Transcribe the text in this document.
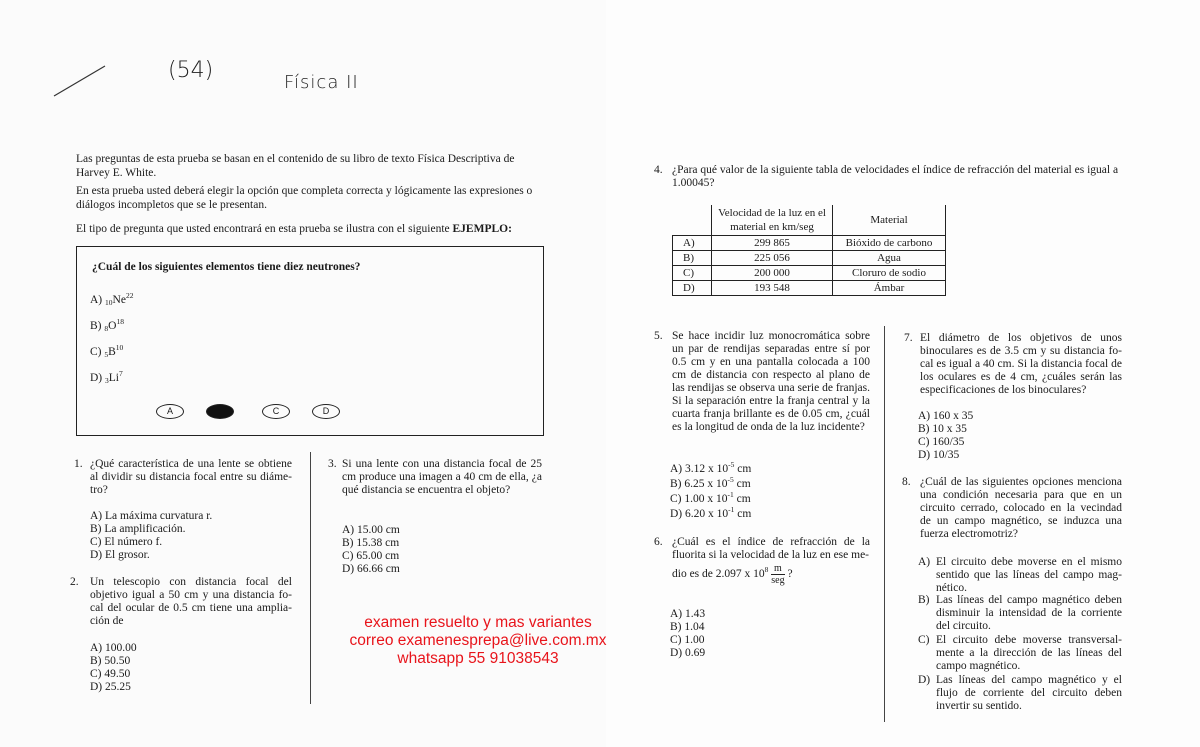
(54)	Física II

Las preguntas de esta prueba se basan en el contenido de su libro de texto Física Descriptiva de Harvey E. White.

En esta prueba usted deberá elegir la opción que completa correcta y lógicamente las expresiones o diálogos incompletos que se le presentan.

El tipo de pregunta que usted encontrará en esta prueba se ilustra con el siguiente EJEMPLO:

¿Cuál de los siguientes elementos tiene diez neutrones?
A) $_{10}Ne^{22}$
B) $_8O^{18}$
C) $_5B^{10}$
D) $_3Li^7$
A	C	D
1. ¿Qué característica de una lente se obtiene al dividir su distancia focal entre su diáme-tro?
A) La máxima curvatura r.
B) La amplificación.
C) El número f.
D) El grosor.
2. Un telescopio con distancia focal del objetivo igual a 50 cm y una distancia fo-cal del ocular de 0.5 cm tiene una amplia-ción de
A) 100.00
B) 50.50
C) 49.50
D) 25.25
3. Si una lente con una distancia focal de 25 cm produce una imagen a 40 cm de ella, ¿a qué distancia se encuentra el objeto?
A) 15.00 cm
B) 15.38 cm
C) 65.00 cm
D) 66.66 cm
examen resuelto y mas variantes
correo examenesprepa@live.com.mx
whatsapp 55 91038543
4. ¿Para qué valor de la siguiente tabla de velocidades el índice de refracción del material es igual a 1.00045?
	Velocidad de la luz en el material en km/seg	Material
A)	299 865	Bióxido de carbono
B)	225 056	Agua
C)	200 000	Cloruro de sodio
D)	193 548	Ámbar
5. Se hace incidir luz monocromática sobre un par de rendijas separadas entre sí por 0.5 cm y en una pantalla colocada a 100 cm de distancia con respecto al plano de las rendijas se observa una serie de franjas. Si la separación entre la franja central y la cuarta franja brillante es de 0.05 cm, ¿cuál es la longitud de onda de la luz incidente?
A) 3.12 x $10^{-5}$ cm
B) 6.25 x $10^{-5}$ cm
C) 1.00 x $10^{-1}$ cm
D) 6.20 x $10^{-1}$ cm
6. ¿Cuál es el índice de refracción de la fluorita si la velocidad de la luz en ese me-
dio es de 2.097 x $10^8 \frac{m}{\text{seg}}$ ?
A) 1.43
B) 1.04
C) 1.00
D) 0.69
7. El diámetro de los objetivos de unos binoculares es de 3.5 cm y su distancia fo-cal es igual a 40 cm. Si la distancia focal de los oculares es de 4 cm, ¿cuáles serán las especificaciones de los binoculares?
A) 160 x 35
B) 10 x 35
C) 160/35
D) 10/35
8. ¿Cuál de las siguientes opciones menciona una condición necesaria para que en un circuito cerrado, colocado en la vecindad de un campo magnético, se induzca una fuerza electromotriz?
A) El circuito debe moverse en el mismo sentido que las líneas del campo mag-nético.
B) Las líneas del campo magnético deben disminuir la intensidad de la corriente del circuito.
C) El circuito debe moverse transversal-mente a la dirección de las líneas del campo magnético.
D) Las líneas del campo magnético y el flujo de corriente del circuito deben invertir su sentido.
